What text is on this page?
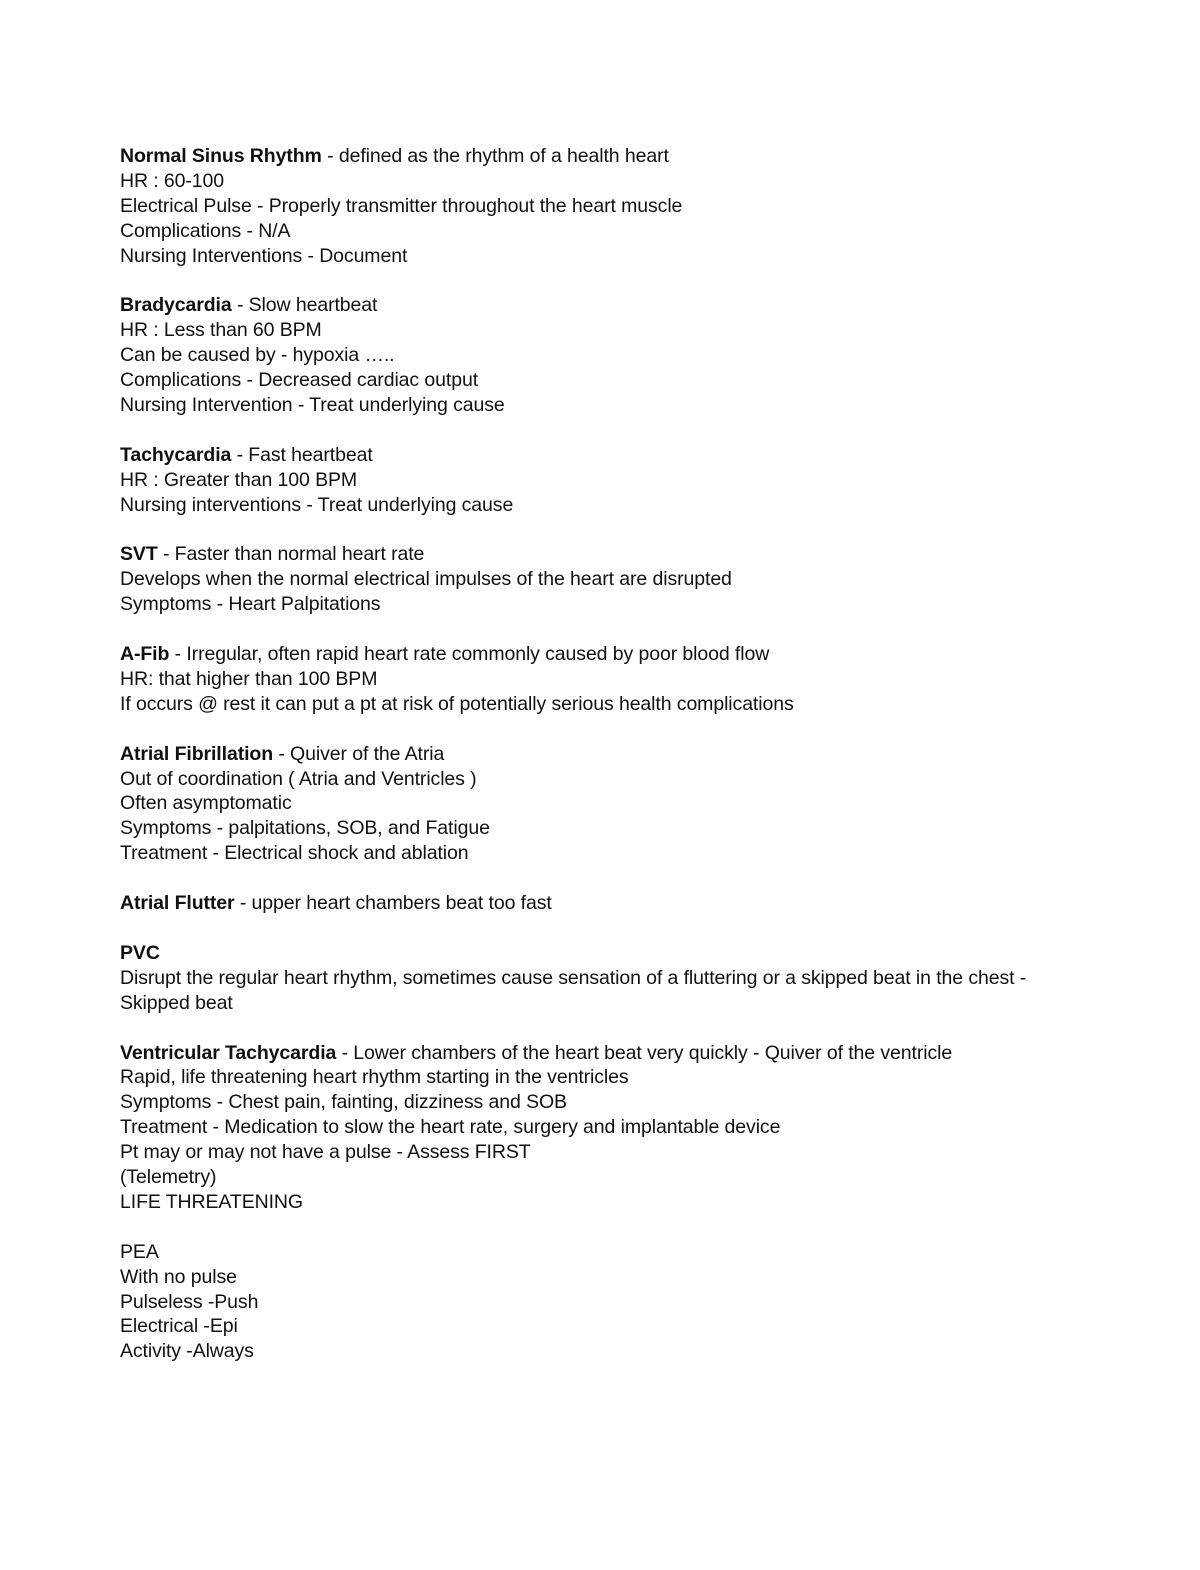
Normal Sinus Rhythm - defined as the rhythm of a health heart
HR : 60-100
Electrical Pulse - Properly transmitter throughout the heart muscle
Complications - N/A
Nursing Interventions - Document
Bradycardia - Slow heartbeat
HR : Less than 60 BPM
Can be caused by - hypoxia …..
Complications - Decreased cardiac output
Nursing Intervention - Treat underlying cause
Tachycardia - Fast heartbeat
HR : Greater than 100 BPM
Nursing interventions - Treat underlying cause
SVT - Faster than normal heart rate
Develops when the normal electrical impulses of the heart are disrupted
Symptoms - Heart Palpitations
A-Fib - Irregular, often rapid heart rate commonly caused by poor blood flow
HR: that higher than 100 BPM
If occurs @ rest it can put a pt at risk of potentially serious health complications
Atrial Fibrillation - Quiver of the Atria
Out of coordination ( Atria and Ventricles )
Often asymptomatic
Symptoms - palpitations, SOB, and Fatigue
Treatment - Electrical shock and ablation
Atrial Flutter - upper heart chambers beat too fast
PVC
Disrupt the regular heart rhythm, sometimes cause sensation of a fluttering or a skipped beat in the chest - Skipped beat
Ventricular Tachycardia - Lower chambers of the heart beat very quickly - Quiver of the ventricle
Rapid, life threatening heart rhythm starting in the ventricles
Symptoms - Chest pain, fainting, dizziness and SOB
Treatment - Medication to slow the heart rate, surgery and implantable device
Pt may or may not have a pulse - Assess FIRST
(Telemetry)
LIFE THREATENING
PEA
With no pulse
Pulseless -Push
Electrical -Epi
Activity -Always
